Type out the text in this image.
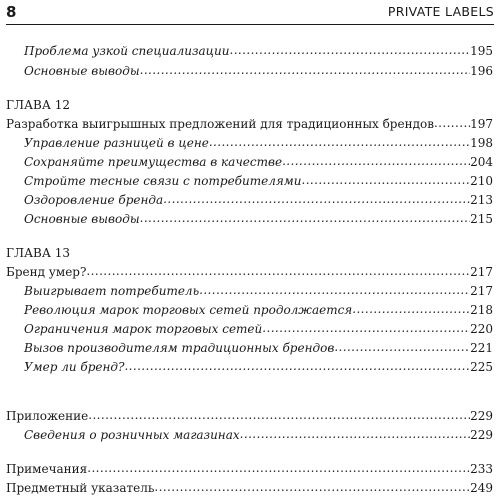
8	PRIVATE LABELS
Проблема узкой специализации .....	195
Основные выводы .....	196
ГЛАВА 12
Разработка выигрышных предложений для традиционных брендов .....	197
Управление разницей в цене .....	198
Сохраняйте преимущества в качестве .....	204
Стройте тесные связи с потребителями .....	210
Оздоровление бренда .....	213
Основные выводы .....	215
ГЛАВА 13
Бренд умер? .....	217
Выигрывает потребитель .....	217
Революция марок торговых сетей продолжается .....	218
Ограничения марок торговых сетей .....	220
Вызов производителям традиционных брендов .....	221
Умер ли бренд? .....	225
Приложение .....	229
Сведения о розничных магазинах .....	229
Примечания .....	233
Предметный указатель .....	249
